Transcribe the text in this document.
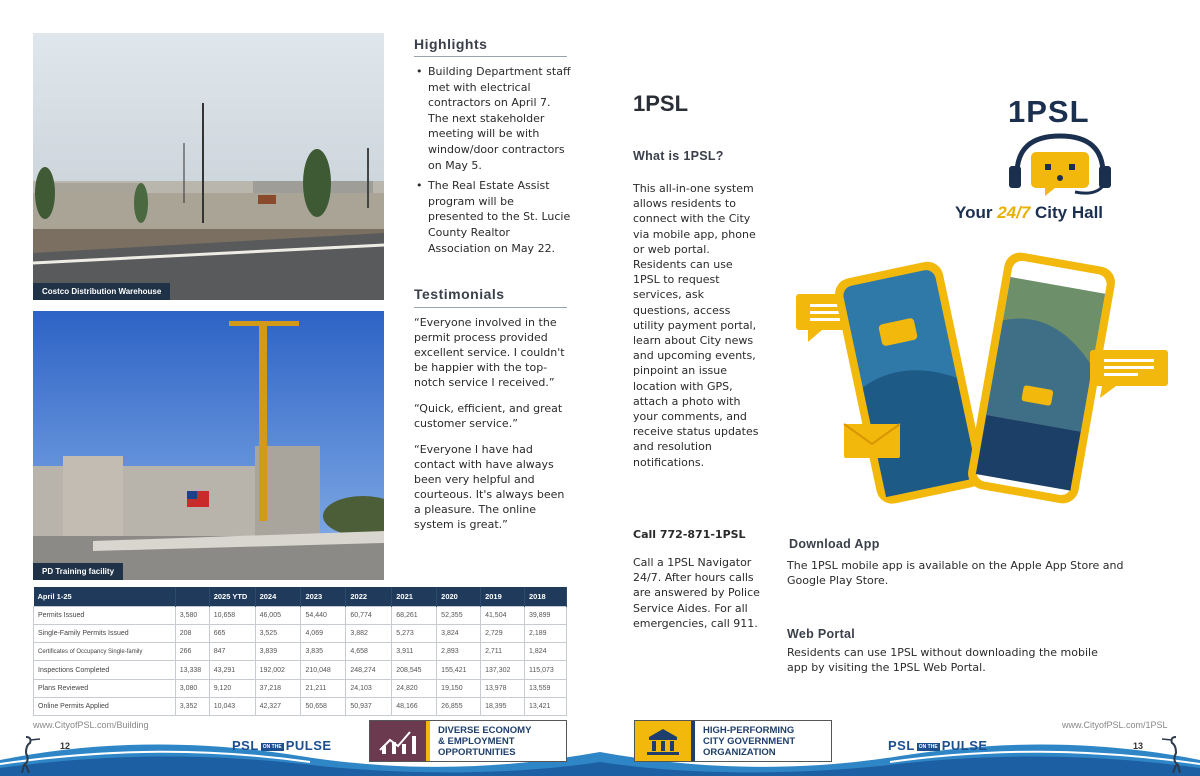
Costco Distribution Warehouse
PD Training facility
Highlights
• Building Department staff met with electrical contractors on April 7. The next stakeholder meeting will be with window/door contractors on May 5.
• The Real Estate Assist program will be presented to the St. Lucie County Realtor Association on May 22.
Testimonials
“Everyone involved in the permit process provided excellent service. I couldn't be happier with the top-notch service I received.”
“Quick, efficient, and great customer service.”
“Everyone I have had contact with have always been very helpful and courteous. It's always been a pleasure. The online system is great.”
April 1-25		2025 YTD	2024	2023	2022	2021	2020	2019	2018
Permits Issued	3,580	10,658	46,005	54,440	60,774	68,261	52,355	41,504	39,899
Single-Family Permits Issued	208	665	3,525	4,069	3,882	5,273	3,824	2,729	2,189
Certificates of Occupancy Single-family	266	847	3,839	3,835	4,658	3,911	2,893	2,711	1,824
Inspections Completed	13,338	43,291	192,002	210,048	248,274	208,545	155,421	137,302	115,073
Plans Reviewed	3,080	9,120	37,218	21,211	24,103	24,820	19,150	13,978	13,559
Online Permits Applied	3,352	10,043	42,327	50,658	50,937	48,166	26,855	18,395	13,421
www.CityofPSL.com/Building
12	PSL ON THE PULSE
DIVERSE ECONOMY
& EMPLOYMENT
OPPORTUNITIES
1PSL
What is 1PSL?
This all-in-one system allows residents to connect with the City via mobile app, phone or web portal. Residents can use 1PSL to request services, ask questions, access utility payment portal, learn about City news and upcoming events, pinpoint an issue location with GPS, attach a photo with your comments, and receive status updates and resolution notifications.
Call 772-871-1PSL
Call a 1PSL Navigator 24/7. After hours calls are answered by Police Service Aides. For all emergencies, call 911.
1PSL
Your 24/7 City Hall
Download App
The 1PSL mobile app is available on the Apple App Store and Google Play Store.
Web Portal
Residents can use 1PSL without downloading the mobile app by visiting the 1PSL Web Portal.
www.CityofPSL.com/1PSL
13
PSL ON THE PULSE
HIGH-PERFORMING
CITY GOVERNMENT
ORGANIZATION
